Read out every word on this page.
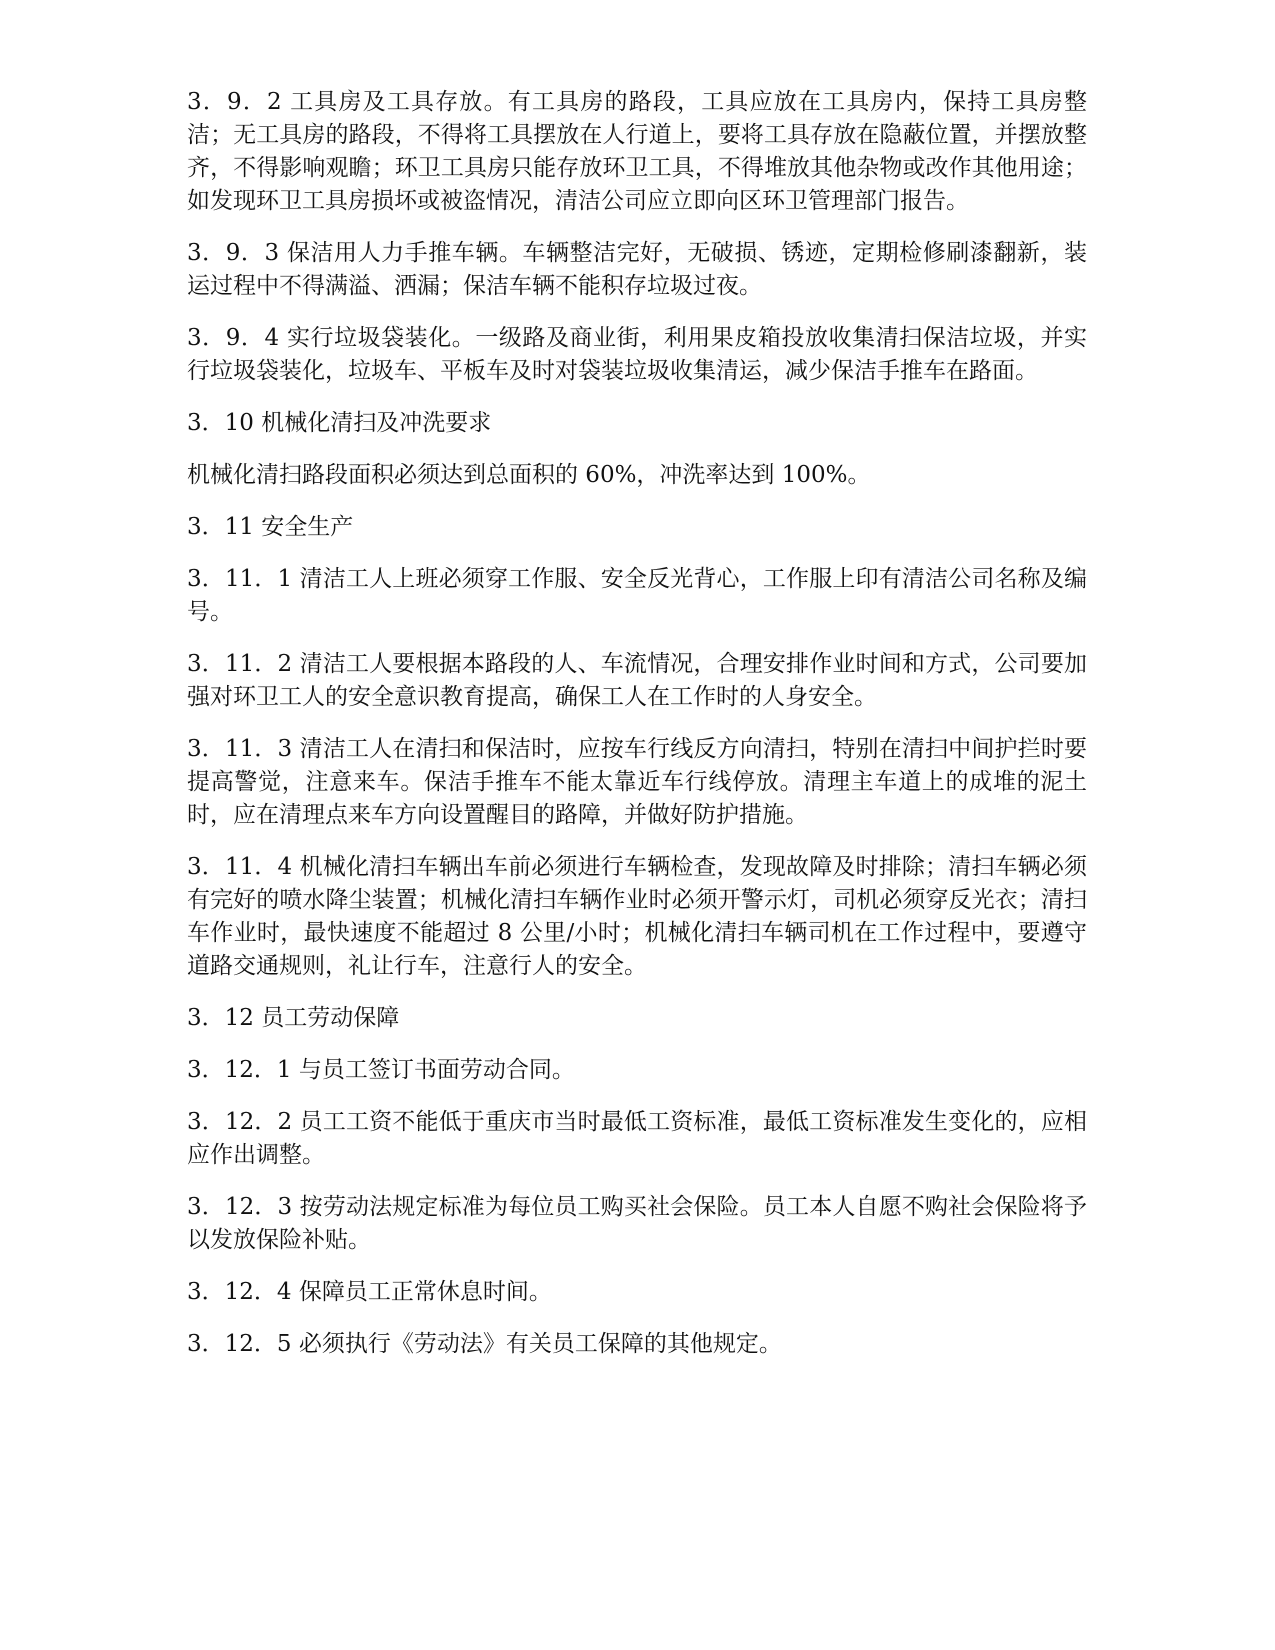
3．9．2 工具房及工具存放。有工具房的路段，工具应放在工具房内，保持工具房整洁；无工具房的路段，不得将工具摆放在人行道上，要将工具存放在隐蔽位置，并摆放整齐，不得影响观瞻；环卫工具房只能存放环卫工具，不得堆放其他杂物或改作其他用途；如发现环卫工具房损坏或被盗情况，清洁公司应立即向区环卫管理部门报告。

3．9．3 保洁用人力手推车辆。车辆整洁完好，无破损、锈迹，定期检修刷漆翻新，装运过程中不得满溢、洒漏；保洁车辆不能积存垃圾过夜。

3．9．4 实行垃圾袋装化。一级路及商业街，利用果皮箱投放收集清扫保洁垃圾，并实行垃圾袋装化，垃圾车、平板车及时对袋装垃圾收集清运，减少保洁手推车在路面。

3．10 机械化清扫及冲洗要求

机械化清扫路段面积必须达到总面积的 60%，冲洗率达到 100%。

3．11 安全生产

3．11．1 清洁工人上班必须穿工作服、安全反光背心，工作服上印有清洁公司名称及编号。

3．11．2 清洁工人要根据本路段的人、车流情况，合理安排作业时间和方式，公司要加强对环卫工人的安全意识教育提高，确保工人在工作时的人身安全。

3．11．3 清洁工人在清扫和保洁时，应按车行线反方向清扫，特别在清扫中间护拦时要提高警觉，注意来车。保洁手推车不能太靠近车行线停放。清理主车道上的成堆的泥土时，应在清理点来车方向设置醒目的路障，并做好防护措施。

3．11．4 机械化清扫车辆出车前必须进行车辆检查，发现故障及时排除；清扫车辆必须有完好的喷水降尘装置；机械化清扫车辆作业时必须开警示灯，司机必须穿反光衣；清扫车作业时，最快速度不能超过 8 公里/小时；机械化清扫车辆司机在工作过程中，要遵守道路交通规则，礼让行车，注意行人的安全。

3．12 员工劳动保障

3．12．1 与员工签订书面劳动合同。

3．12．2 员工工资不能低于重庆市当时最低工资标准，最低工资标准发生变化的，应相应作出调整。

3．12．3 按劳动法规定标准为每位员工购买社会保险。员工本人自愿不购社会保险将予以发放保险补贴。

3．12．4 保障员工正常休息时间。

3．12．5 必须执行《劳动法》有关员工保障的其他规定。
